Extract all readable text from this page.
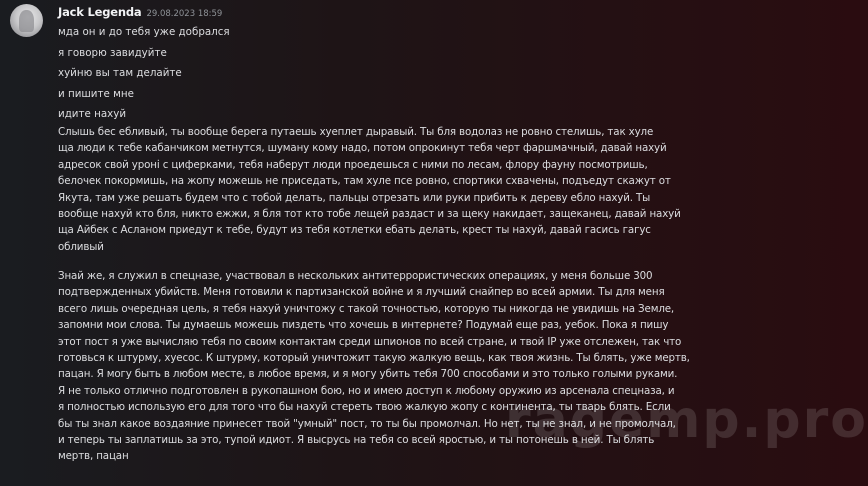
Jack Legenda 29.08.2023 18:59
мда он и до тебя уже добрался
я говорю завидуйте
хуйню вы там делайте
и пишите мне
идите нахуй
Слышь бес ебливый, ты вообще берега путаешь хуеплет дыравый. Ты бля водолаз не ровно стелишь, так хуле
ща люди к тебе кабанчиком метнутся, шуману кому надо, потом опрокинут тебя черт фаршмачный, давай нахуй
адресок свой уроні с циферками, тебя наберут люди проедешься с ними по лесам, флору фауну посмотришь,
белочек покормишь, на жопу можешь не приседать, там хуле псе ровно, спортики схвачены, подъедут скажут от
Якута, там уже решать будем что с тобой делать, пальцы отрезать или руки прибить к дереву ебло нахуй. Ты
вообще нахуй кто бля, никто ежжи, я бля тот кто тобе лещей раздаст и за щеку накидает, защеканец, давай нахуй
ща Айбек с Асланом приедут к тебе, будут из тебя котлетки ебать делать, крест ты нахуй, давай гасись гагус
обливый
Знай же, я служил в спецназе, участвовал в нескольких антитеррористических операциях, у меня больше 300
подтвержденных убийств. Меня готовили к партизанской войне и я лучший снайпер во всей армии. Ты для меня
всего лишь очередная цель, я тебя нахуй уничтожу с такой точностью, которую ты никогда не увидишь на Земле,
запомни мои слова. Ты думаешь можешь пиздеть что хочешь в интернете? Подумай еще раз, уебок. Пока я пишу
этот пост я уже вычисляю тебя по своим контактам среди шпионов по всей стране, и твой IP уже отслежен, так что
готовься к штурму, хуесос. К штурму, который уничтожит такую жалкую вещь, как твоя жизнь. Ты блять, уже мертв,
пацан. Я могу быть в любом месте, в любое время, и я могу убить тебя 700 способами и это только голыми руками.
Я не только отлично подготовлен в рукопашном бою, но и имею доступ к любому оружию из арсенала спецназа, и
я полностью использую его для того что бы нахуй стереть твою жалкую жопу с континента, ты тварь блять. Если
бы ты знал какое воздаяние принесет твой "умный" пост, то ты бы промолчал. Но нет, ты не знал, и не промолчал,
и теперь ты заплатишь за это, тупой идиот. Я высрусь на тебя со всей яростью, и ты потонешь в ней. Ты блять
мертв, пацан
ragemp.pro
